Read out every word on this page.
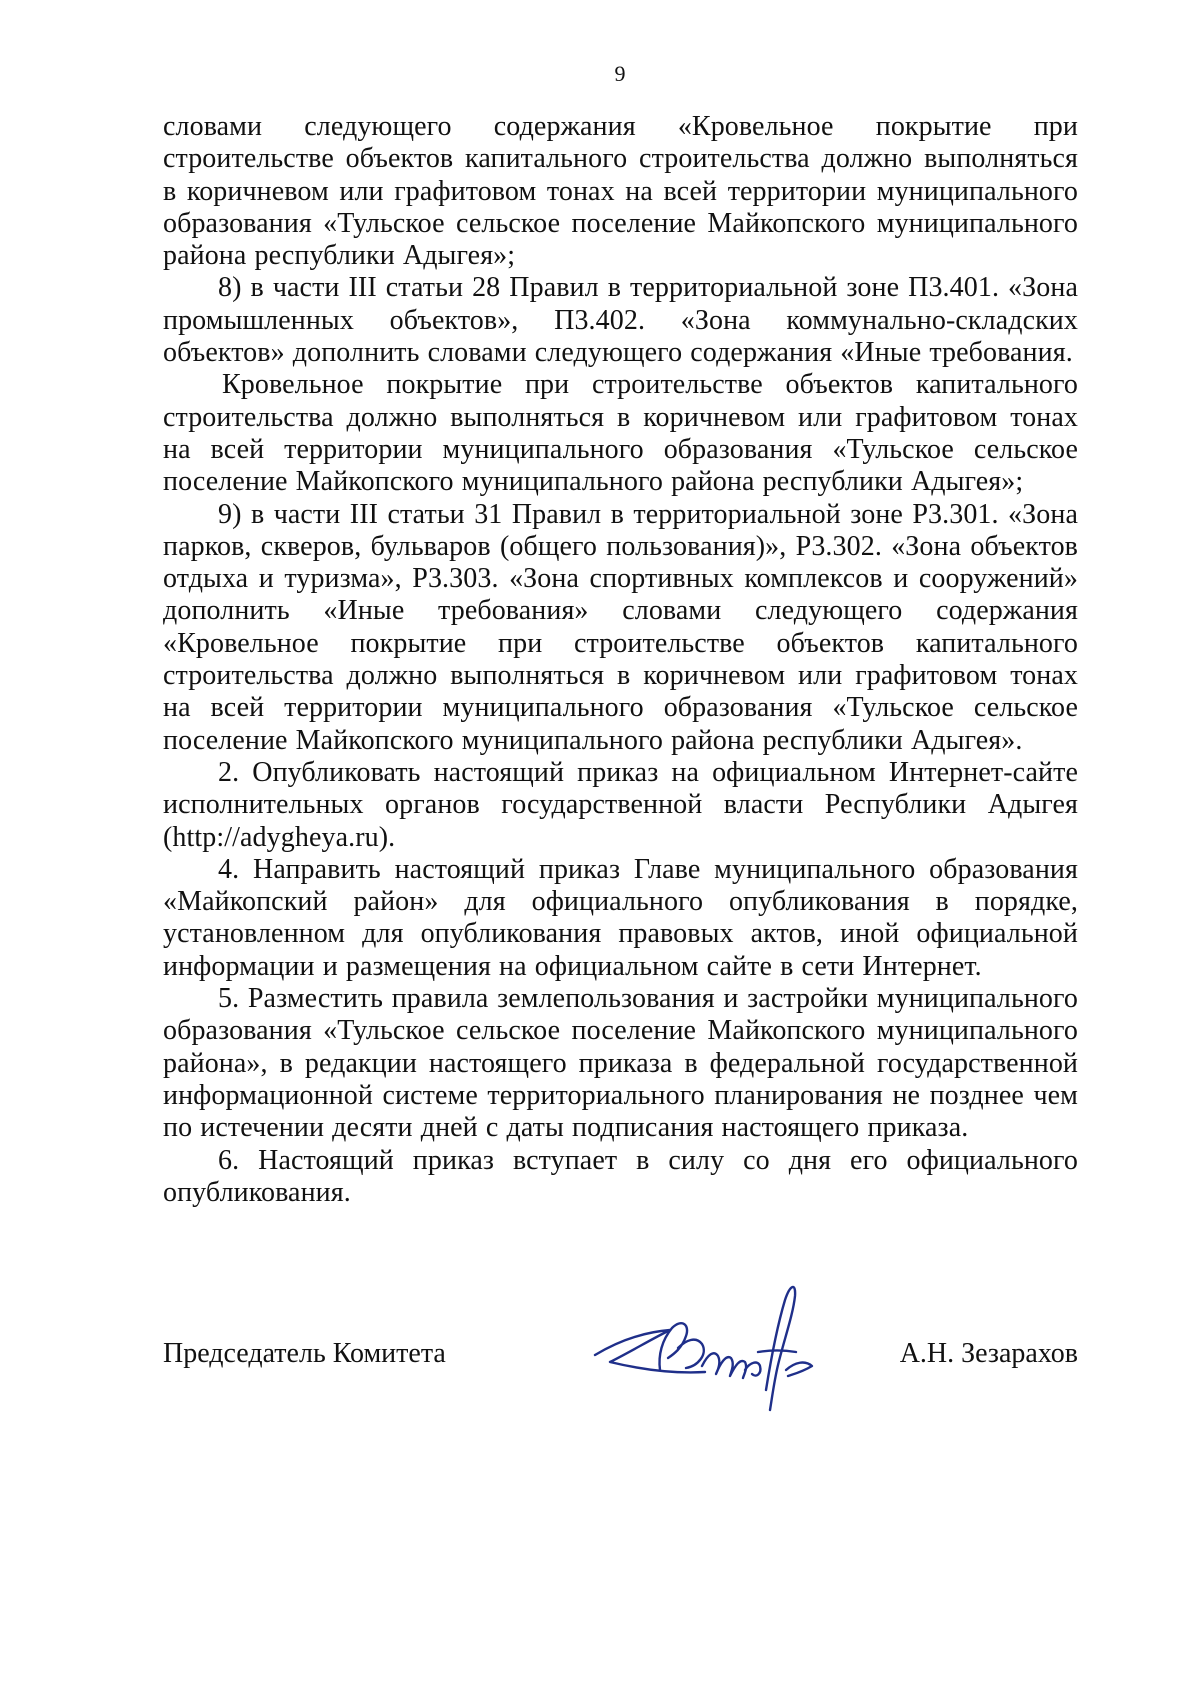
9

словами следующего содержания «Кровельное покрытие при строительстве объектов капитального строительства должно выполняться в коричневом или графитовом тонах на всей территории муниципального образования «Тульское сельское поселение Майкопского муниципального района республики Адыгея»;

8) в части III статьи 28 Правил в территориальной зоне П3.401. «Зона промышленных объектов», П3.402. «Зона коммунально-складских объектов» дополнить словами следующего содержания «Иные требования.

Кровельное покрытие при строительстве объектов капитального строительства должно выполняться в коричневом или графитовом тонах на всей территории муниципального образования «Тульское сельское поселение Майкопского муниципального района республики Адыгея»;

9) в части III статьи 31 Правил в территориальной зоне Р3.301. «Зона парков, скверов, бульваров (общего пользования)», Р3.302. «Зона объектов отдыха и туризма», Р3.303. «Зона спортивных комплексов и сооружений» дополнить «Иные требования» словами следующего содержания «Кровельное покрытие при строительстве объектов капитального строительства должно выполняться в коричневом или графитовом тонах на всей территории муниципального образования «Тульское сельское поселение Майкопского муниципального района республики Адыгея».

2. Опубликовать настоящий приказ на официальном Интернет-сайте исполнительных органов государственной власти Республики Адыгея (http://adygheya.ru).

4. Направить настоящий приказ Главе муниципального образования «Майкопский район» для официального опубликования в порядке, установленном для опубликования правовых актов, иной официальной информации и размещения на официальном сайте в сети Интернет.

5. Разместить правила землепользования и застройки муниципального образования «Тульское сельское поселение Майкопского муниципального района», в редакции настоящего приказа в федеральной государственной информационной системе территориального планирования не позднее чем по истечении десяти дней с даты подписания настоящего приказа.

6. Настоящий приказ вступает в силу со дня его официального опубликования.

Председатель Комитета	А.Н. Зезарахов
